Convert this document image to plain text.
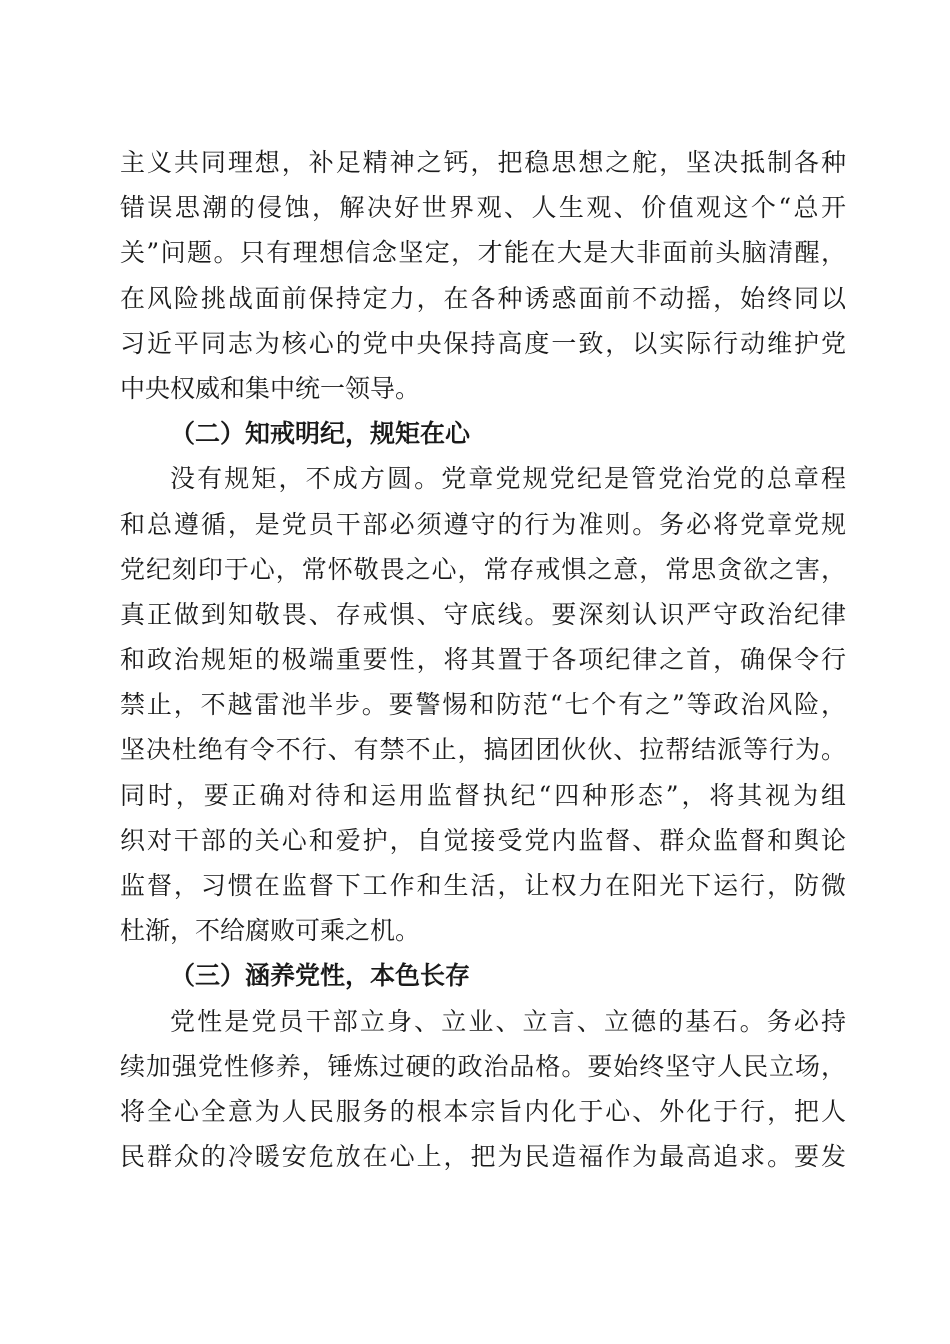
主义共同理想，补足精神之钙，把稳思想之舵，坚决抵制各种
错误思潮的侵蚀，解决好世界观、人生观、价值观这个“总开
关”问题。只有理想信念坚定，才能在大是大非面前头脑清醒，
在风险挑战面前保持定力，在各种诱惑面前不动摇，始终同以
习近平同志为核心的党中央保持高度一致，以实际行动维护党
中央权威和集中统一领导。
（二）知戒明纪，规矩在心
没有规矩，不成方圆。党章党规党纪是管党治党的总章程
和总遵循，是党员干部必须遵守的行为准则。务必将党章党规
党纪刻印于心，常怀敬畏之心，常存戒惧之意，常思贪欲之害，
真正做到知敬畏、存戒惧、守底线。要深刻认识严守政治纪律
和政治规矩的极端重要性，将其置于各项纪律之首，确保令行
禁止，不越雷池半步。要警惕和防范“七个有之”等政治风险，
坚决杜绝有令不行、有禁不止，搞团团伙伙、拉帮结派等行为。
同时，要正确对待和运用监督执纪“四种形态”，将其视为组
织对干部的关心和爱护，自觉接受党内监督、群众监督和舆论
监督，习惯在监督下工作和生活，让权力在阳光下运行，防微
杜渐，不给腐败可乘之机。
（三）涵养党性，本色长存
党性是党员干部立身、立业、立言、立德的基石。务必持
续加强党性修养，锤炼过硬的政治品格。要始终坚守人民立场，
将全心全意为人民服务的根本宗旨内化于心、外化于行，把人
民群众的冷暖安危放在心上，把为民造福作为最高追求。要发
